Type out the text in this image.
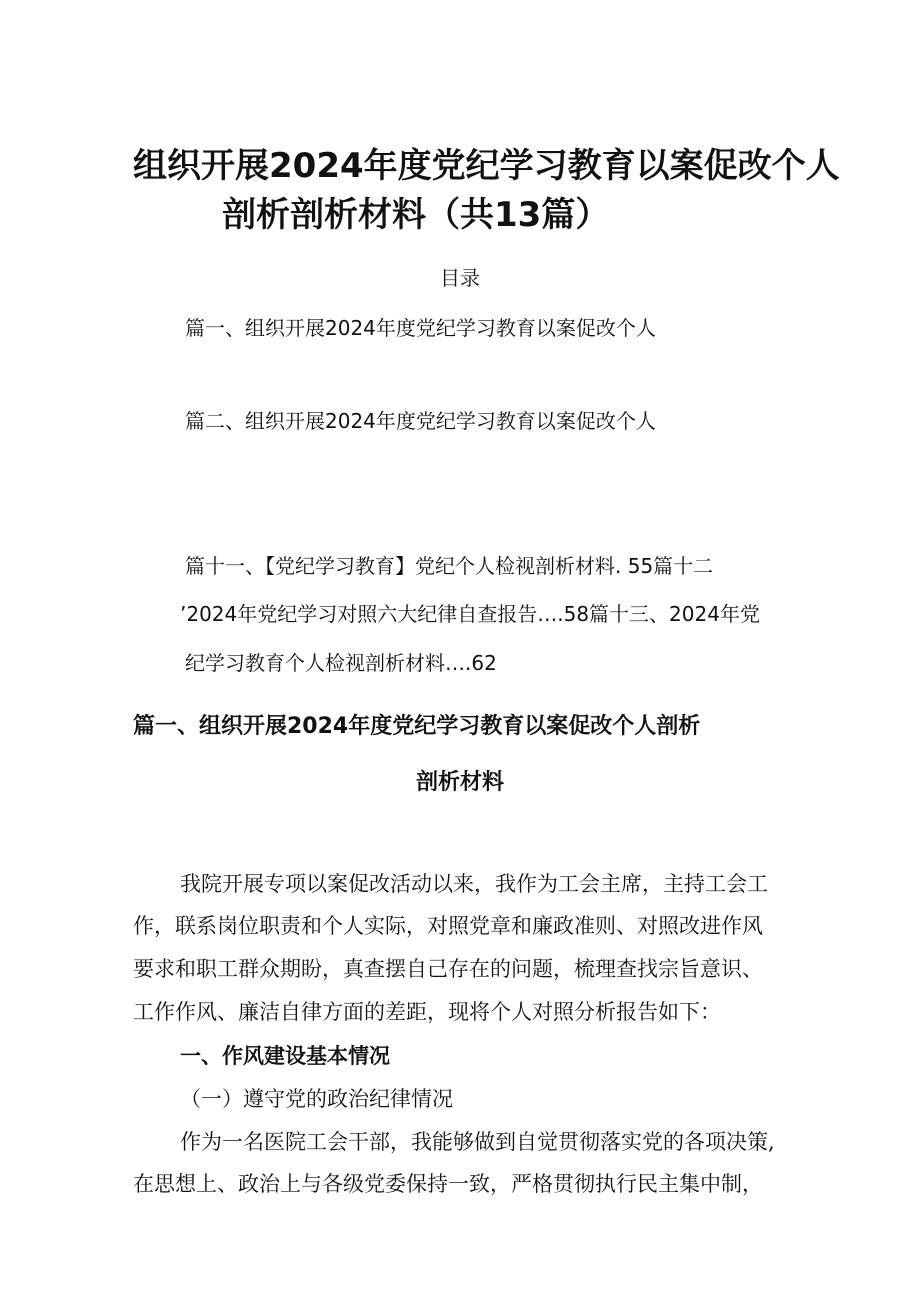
组织开展2024年度党纪学习教育以案促改个人
剖析剖析材料（共13篇）
目录
篇一、组织开展2024年度党纪学习教育以案促改个人
篇二、组织开展2024年度党纪学习教育以案促改个人
篇十一、【党纪学习教育】党纪个人检视剖析材料. 55篇十二
’2024年党纪学习对照六大纪律自查报告….58篇十三、2024年党
纪学习教育个人检视剖析材料….62
篇一、组织开展2024年度党纪学习教育以案促改个人剖析
剖析材料
我院开展专项以案促改活动以来，我作为工会主席，主持工会工
作，联系岗位职责和个人实际，对照党章和廉政准则、对照改进作风
要求和职工群众期盼，真查摆自己存在的问题，梳理查找宗旨意识、
工作作风、廉洁自律方面的差距，现将个人对照分析报告如下：
一、作风建设基本情况
（一）遵守党的政治纪律情况
作为一名医院工会干部，我能够做到自觉贯彻落实党的各项决策,
在思想上、政治上与各级党委保持一致，严格贯彻执行民主集中制，
